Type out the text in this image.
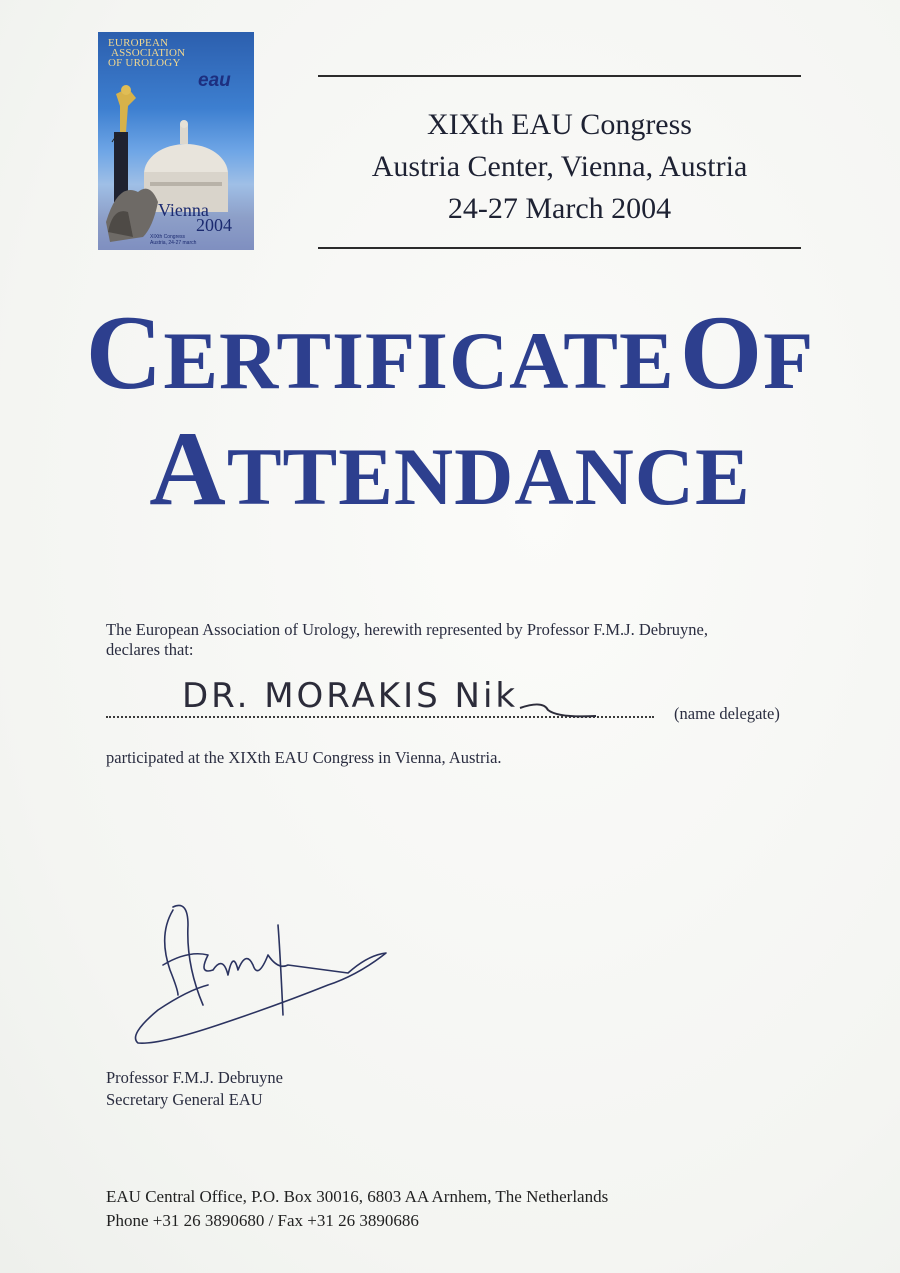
EUROPEAN
ASSOCIATION
OF UROLOGY
eau
Vienna
2004
XIXth Congress
Austria, 24-27 march
XIXth EAU Congress
Austria Center, Vienna, Austria
24-27 March 2004
CERTIFICATE OF
ATTENDANCE
The European Association of Urology, herewith represented by Professor F.M.J. Debruyne,
declares that:
DR. MORAKIS Nik	(name delegate)
participated at the XIXth EAU Congress in Vienna, Austria.
Professor F.M.J. Debruyne
Secretary General EAU
EAU Central Office, P.O. Box 30016, 6803 AA Arnhem, The Netherlands
Phone +31 26 3890680 / Fax +31 26 3890686
